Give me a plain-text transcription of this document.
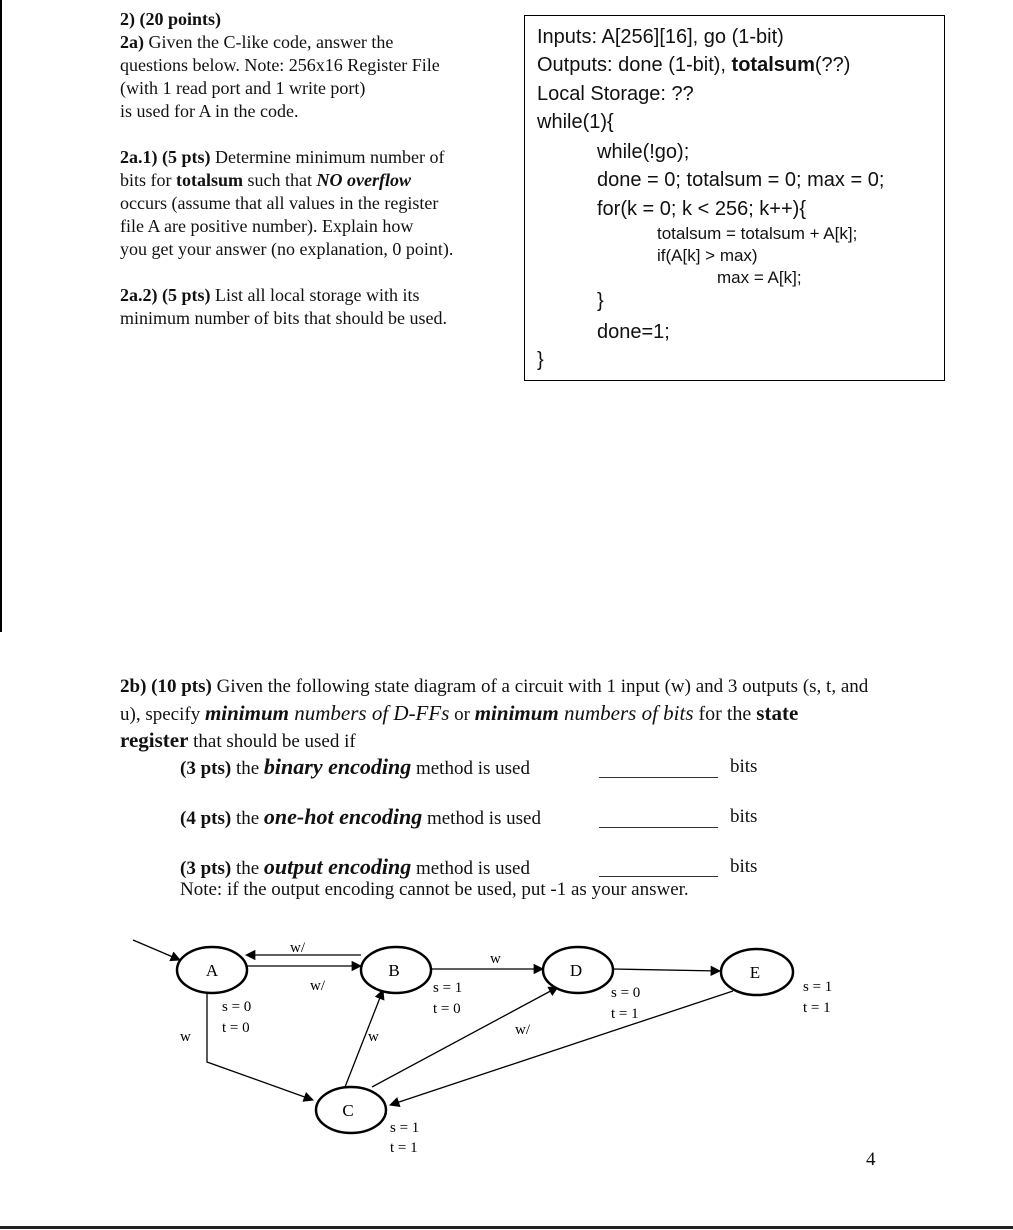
2) (20 points)
2a) Given the C-like code, answer the
questions below. Note: 256x16 Register File
(with 1 read port and 1 write port)
is used for A in the code.
2a.1) (5 pts) Determine minimum number of
bits for totalsum such that NO overflow
occurs (assume that all values in the register
file A are positive number). Explain how
you get your answer (no explanation, 0 point).
2a.2) (5 pts) List all local storage with its
minimum number of bits that should be used.
Inputs: A[256][16], go (1-bit)
Outputs: done (1-bit), totalsum(??)
Local Storage: ??
while(1){
while(!go);
done = 0; totalsum = 0; max = 0;
for(k = 0; k < 256; k++){
totalsum = totalsum + A[k];
if(A[k] > max)
max = A[k];
}
done=1;
}
2b) (10 pts) Given the following state diagram of a circuit with 1 input (w) and 3 outputs (s, t, and
u), specify minimum numbers of D-FFs or minimum numbers of bits for the state
register that should be used if
(3 pts) the binary encoding method is used	bits
(4 pts) the one-hot encoding method is used	bits
(3 pts) the output encoding method is used	bits
Note: if the output encoding cannot be used, put -1 as your answer.
A	B
C
D	E
w/
w/
w
w	w	w/
s = 0
t = 0
s = 1
t = 0
s = 1
t = 1
s = 0
t = 1
s = 1
t = 1
4
